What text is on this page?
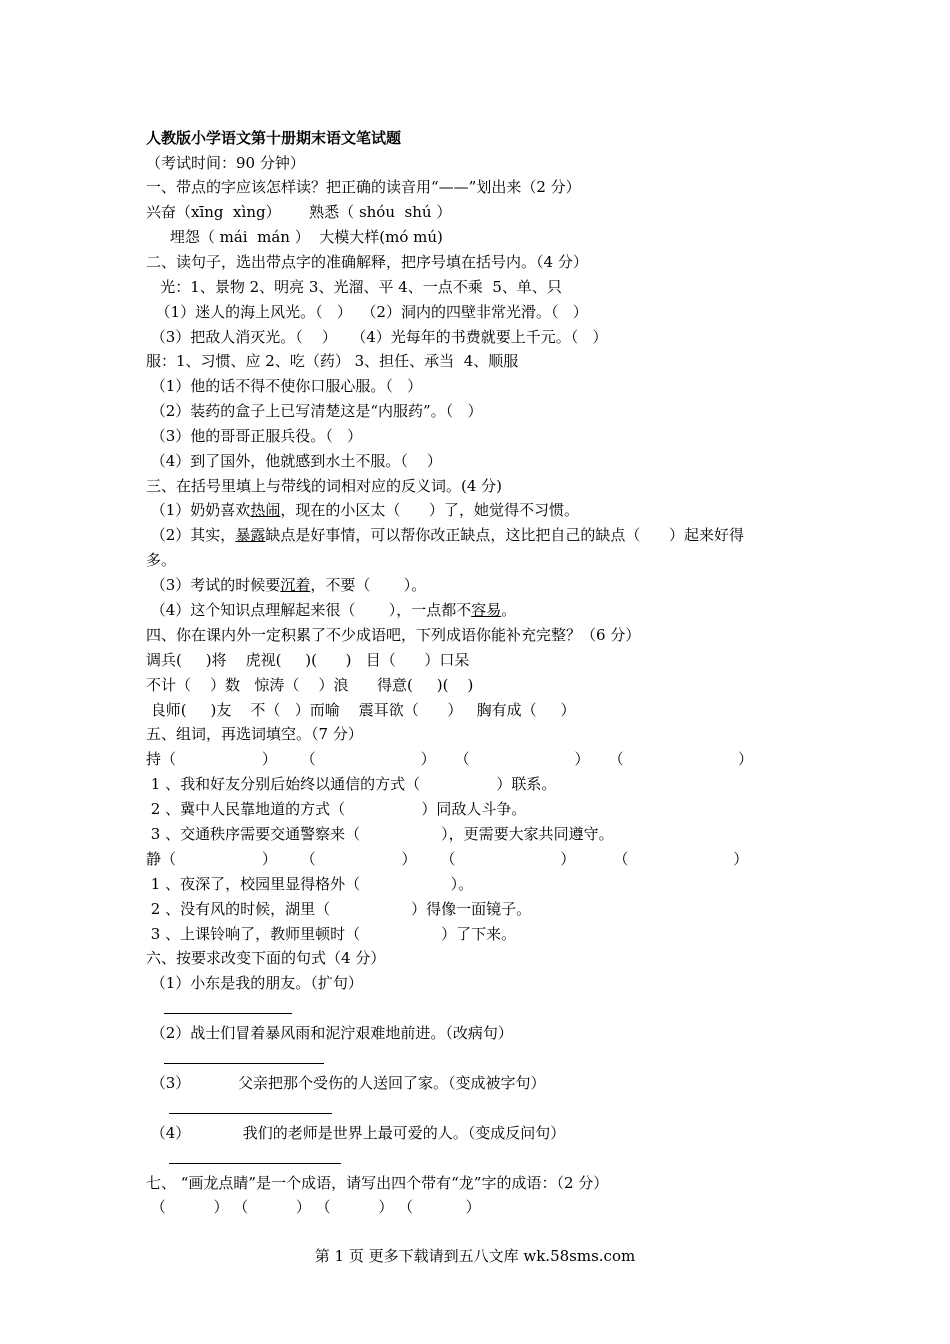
人教版小学语文第十册期末语文笔试题
（考试时间：90 分钟）
一、带点的字应该怎样读？把正确的读音用“——”划出来（2 分）
兴奋（xīng  xìng）      熟悉（ shóu  shú ）
埋怨（ mái  mán ）  大模大样(mó mú)
二、读句子，选出带点字的准确解释，把序号填在括号内。（4 分）
光：1、景物 2、明亮 3、光溜、平 4、一点不乘  5、单、只
（1）迷人的海上风光。（   ）  （2）洞内的四壁非常光滑。（   ）
（3）把敌人消灭光。（    ）   （4）光每年的书费就要上千元。（   ）
服：1、习惯、应 2、吃（药） 3、担任、承当  4、顺服
（1）他的话不得不使你口服心服。（   ）
（2）装药的盒子上已写清楚这是“内服药”。（   ）
（3）他的哥哥正服兵役。（   ）
（4）到了国外，他就感到水土不服。（    ）
三、在括号里填上与带线的词相对应的反义词。(4 分)
（1）奶奶喜欢热闹，现在的小区太（      ）了，她觉得不习惯。
（2）其实，暴露缺点是好事情，可以帮你改正缺点，这比把自己的缺点（      ）起来好得
多。
（3）考试的时候要沉着，不要（       ）。
（4）这个知识点理解起来很（       ），一点都不容易。
四、你在课内外一定积累了不少成语吧，下列成语你能补充完整？（6 分）
调兵(     )将    虎视(     )(      )   目（      ）口呆
不计（    ）数   惊涛（    ）浪      得意(     )(    )
良师(     )友    不（   ）而喻    震耳欲（      ）   胸有成（     ）
五、组词，再选词填空。（7 分）
持（                  ）     （                      ）    （                      ）    （                        ）
1 、我和好友分别后始终以通信的方式（                ）联系。
2 、冀中人民靠地道的方式（                ）同敌人斗争。
3 、交通秩序需要交通警察来（                 ），更需要大家共同遵守。
静（                  ）     （                  ）     （                      ）        （                      ）
1 、夜深了，校园里显得格外（                   ）。
2 、没有风的时候，湖里（                 ）得像一面镜子。
3 、上课铃响了，教师里顿时（                 ）了下来。
六、按要求改变下面的句式（4 分）
（1）小东是我的朋友。（扩句）
（2）战士们冒着暴风雨和泥泞艰难地前进。（改病句）
（3）          父亲把那个受伤的人送回了家。（变成被字句）
（4）           我们的老师是世界上最可爱的人。（变成反问句）
七、 “画龙点睛”是一个成语，请写出四个带有“龙”字的成语：（2 分）
（          ） （          ） （          ） （           ）
第 1 页 更多下载请到五八文库 wk.58sms.com
